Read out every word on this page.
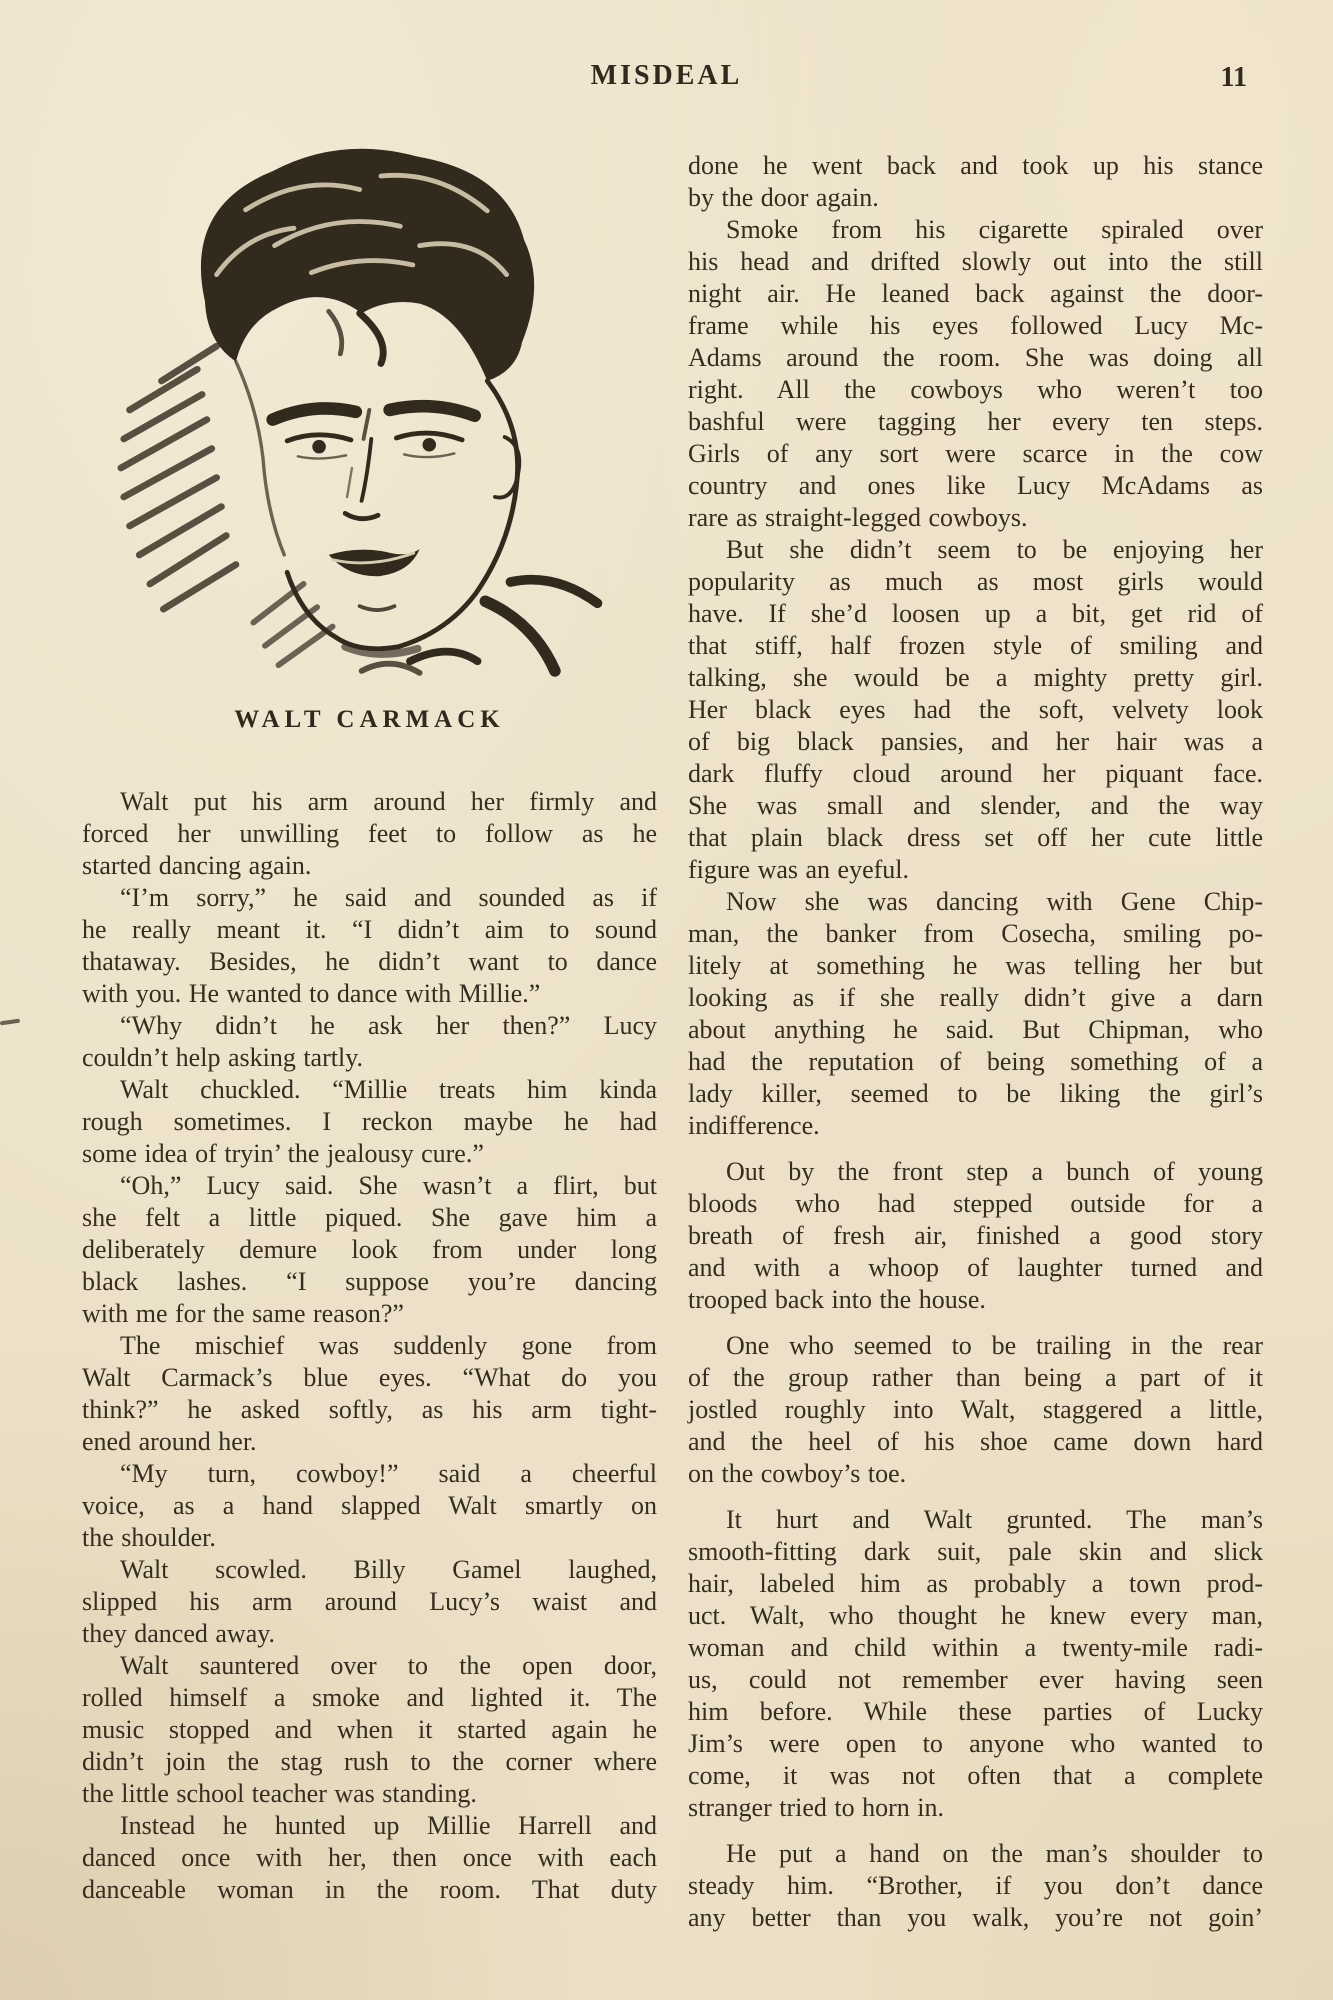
MISDEAL	11
WALT CARMACK
Walt put his arm around her firmly and
forced her unwilling feet to follow as he
started dancing again.
“I’m sorry,” he said and sounded as if
he really meant it. “I didn’t aim to sound
thataway. Besides, he didn’t want to dance
with you. He wanted to dance with Millie.”
“Why didn’t he ask her then?” Lucy
couldn’t help asking tartly.
Walt chuckled. “Millie treats him kinda
rough sometimes. I reckon maybe he had
some idea of tryin’ the jealousy cure.”
“Oh,” Lucy said. She wasn’t a flirt, but
she felt a little piqued. She gave him a
deliberately demure look from under long
black lashes. “I suppose you’re dancing
with me for the same reason?”
The mischief was suddenly gone from
Walt Carmack’s blue eyes. “What do you
think?” he asked softly, as his arm tight-
ened around her.
“My turn, cowboy!” said a cheerful
voice, as a hand slapped Walt smartly on
the shoulder.
Walt scowled. Billy Gamel laughed,
slipped his arm around Lucy’s waist and
they danced away.
Walt sauntered over to the open door,
rolled himself a smoke and lighted it. The
music stopped and when it started again he
didn’t join the stag rush to the corner where
the little school teacher was standing.
Instead he hunted up Millie Harrell and
danced once with her, then once with each
danceable woman in the room. That duty
done he went back and took up his stance
by the door again.
Smoke from his cigarette spiraled over
his head and drifted slowly out into the still
night air. He leaned back against the door-
frame while his eyes followed Lucy Mc-
Adams around the room. She was doing all
right. All the cowboys who weren’t too
bashful were tagging her every ten steps.
Girls of any sort were scarce in the cow
country and ones like Lucy McAdams as
rare as straight-legged cowboys.
But she didn’t seem to be enjoying her
popularity as much as most girls would
have. If she’d loosen up a bit, get rid of
that stiff, half frozen style of smiling and
talking, she would be a mighty pretty girl.
Her black eyes had the soft, velvety look
of big black pansies, and her hair was a
dark fluffy cloud around her piquant face.
She was small and slender, and the way
that plain black dress set off her cute little
figure was an eyeful.
Now she was dancing with Gene Chip-
man, the banker from Cosecha, smiling po-
litely at something he was telling her but
looking as if she really didn’t give a darn
about anything he said. But Chipman, who
had the reputation of being something of a
lady killer, seemed to be liking the girl’s
indifference.
Out by the front step a bunch of young
bloods who had stepped outside for a
breath of fresh air, finished a good story
and with a whoop of laughter turned and
trooped back into the house.
One who seemed to be trailing in the rear
of the group rather than being a part of it
jostled roughly into Walt, staggered a little,
and the heel of his shoe came down hard
on the cowboy’s toe.
It hurt and Walt grunted. The man’s
smooth-fitting dark suit, pale skin and slick
hair, labeled him as probably a town prod-
uct. Walt, who thought he knew every man,
woman and child within a twenty-mile radi-
us, could not remember ever having seen
him before. While these parties of Lucky
Jim’s were open to anyone who wanted to
come, it was not often that a complete
stranger tried to horn in.
He put a hand on the man’s shoulder to
steady him. “Brother, if you don’t dance
any better than you walk, you’re not goin’
